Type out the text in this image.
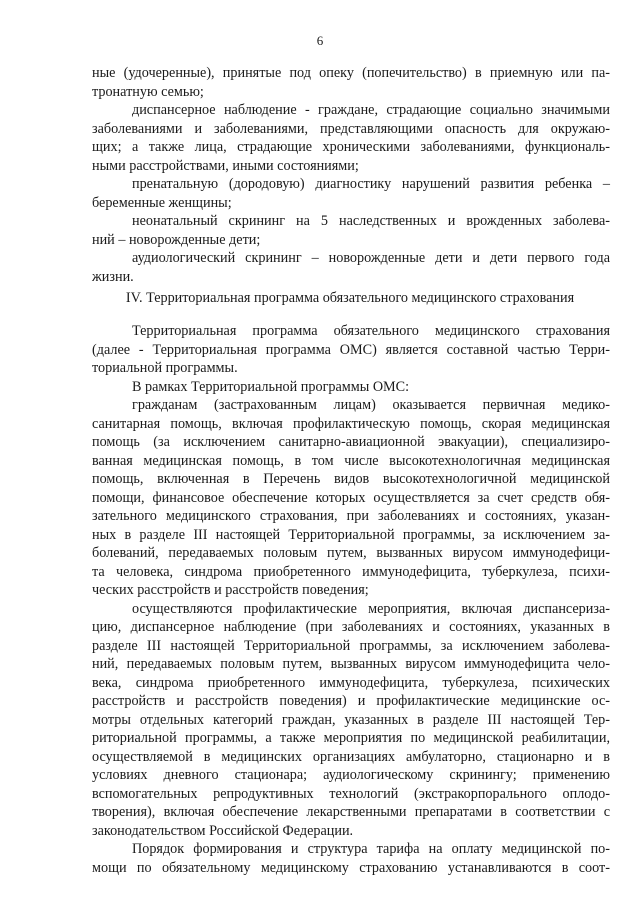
6
ные (удочеренные), принятые под опеку (попечительство) в приемную или па-
тронатную семью;
диспансерное наблюдение - граждане, страдающие социально значимыми
заболеваниями и заболеваниями, представляющими опасность для окружаю-
щих; а также лица, страдающие хроническими заболеваниями, функциональ-
ными расстройствами, иными состояниями;
пренатальную (дородовую) диагностику нарушений развития ребенка –
беременные женщины;
неонатальный скрининг на 5 наследственных и врожденных заболева-
ний – новорожденные дети;
аудиологический скрининг – новорожденные дети и дети первого года
жизни.
IV. Территориальная программа обязательного медицинского страхования
Территориальная программа обязательного медицинского страхования
(далее - Территориальная программа ОМС) является составной частью Терри-
ториальной программы.
В рамках Территориальной программы ОМС:
гражданам (застрахованным лицам) оказывается первичная медико-
санитарная помощь, включая профилактическую помощь, скорая медицинская
помощь (за исключением санитарно-авиационной эвакуации), специализиро-
ванная медицинская помощь, в том числе высокотехнологичная медицинская
помощь, включенная в Перечень видов высокотехнологичной медицинской
помощи, финансовое обеспечение которых осуществляется за счет средств обя-
зательного медицинского страхования, при заболеваниях и состояниях, указан-
ных в разделе III настоящей Территориальной программы, за исключением за-
болеваний, передаваемых половым путем, вызванных вирусом иммунодефици-
та человека, синдрома приобретенного иммунодефицита, туберкулеза, психи-
ческих расстройств и расстройств поведения;
осуществляются профилактические мероприятия, включая диспансериза-
цию, диспансерное наблюдение (при заболеваниях и состояниях, указанных в
разделе III настоящей Территориальной программы, за исключением заболева-
ний, передаваемых половым путем, вызванных вирусом иммунодефицита чело-
века, синдрома приобретенного иммунодефицита, туберкулеза, психических
расстройств и расстройств поведения) и профилактические медицинские ос-
мотры отдельных категорий граждан, указанных в разделе III настоящей Тер-
риториальной программы, а также мероприятия по медицинской реабилитации,
осуществляемой в медицинских организациях амбулаторно, стационарно и в
условиях дневного стационара; аудиологическому скринингу; применению
вспомогательных репродуктивных технологий (экстракорпорального оплодо-
творения), включая обеспечение лекарственными препаратами в соответствии с
законодательством Российской Федерации.
Порядок формирования и структура тарифа на оплату медицинской по-
мощи по обязательному медицинскому страхованию устанавливаются в соот-
